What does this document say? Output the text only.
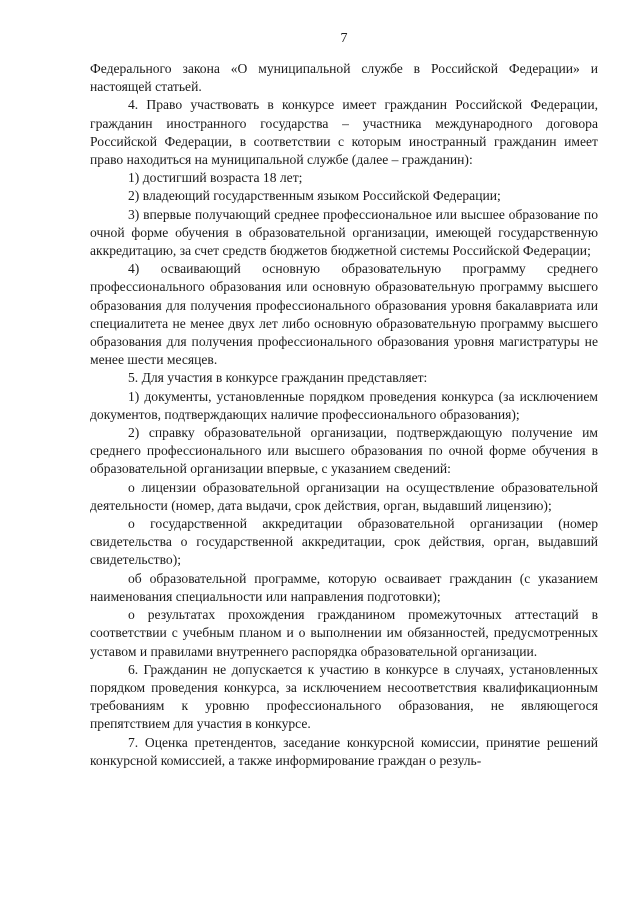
7

Федерального закона «О муниципальной службе в Российской Федерации» и настоящей статьей.

4. Право участвовать в конкурсе имеет гражданин Российской Федерации, гражданин иностранного государства – участника международного договора Российской Федерации, в соответствии с которым иностранный гражданин имеет право находиться на муниципальной службе (далее – гражданин):

1) достигший возраста 18 лет;

2) владеющий государственным языком Российской Федерации;

3) впервые получающий среднее профессиональное или высшее образование по очной форме обучения в образовательной организации, имеющей государственную аккредитацию, за счет средств бюджетов бюджетной системы Российской Федерации;

4) осваивающий основную образовательную программу среднего профессионального образования или основную образовательную программу высшего образования для получения профессионального образования уровня бакалавриата или специалитета не менее двух лет либо основную образовательную программу высшего образования для получения профессионального образования уровня магистратуры не менее шести месяцев.

5. Для участия в конкурсе гражданин представляет:

1) документы, установленные порядком проведения конкурса (за исключением документов, подтверждающих наличие профессионального образования);

2) справку образовательной организации, подтверждающую получение им среднего профессионального или высшего образования по очной форме обучения в образовательной организации впервые, с указанием сведений:

о лицензии образовательной организации на осуществление образовательной деятельности (номер, дата выдачи, срок действия, орган, выдавший лицензию);

о государственной аккредитации образовательной организации (номер свидетельства о государственной аккредитации, срок действия, орган, выдавший свидетельство);

об образовательной программе, которую осваивает гражданин (с указанием наименования специальности или направления подготовки);

о результатах прохождения гражданином промежуточных аттестаций в соответствии с учебным планом и о выполнении им обязанностей, предусмотренных уставом и правилами внутреннего распорядка образовательной организации.

6. Гражданин не допускается к участию в конкурсе в случаях, установленных порядком проведения конкурса, за исключением несоответствия квалификационным требованиям к уровню профессионального образования, не являющегося препятствием для участия в конкурсе.

7. Оценка претендентов, заседание конкурсной комиссии, принятие решений конкурсной комиссией, а также информирование граждан о резуль-
